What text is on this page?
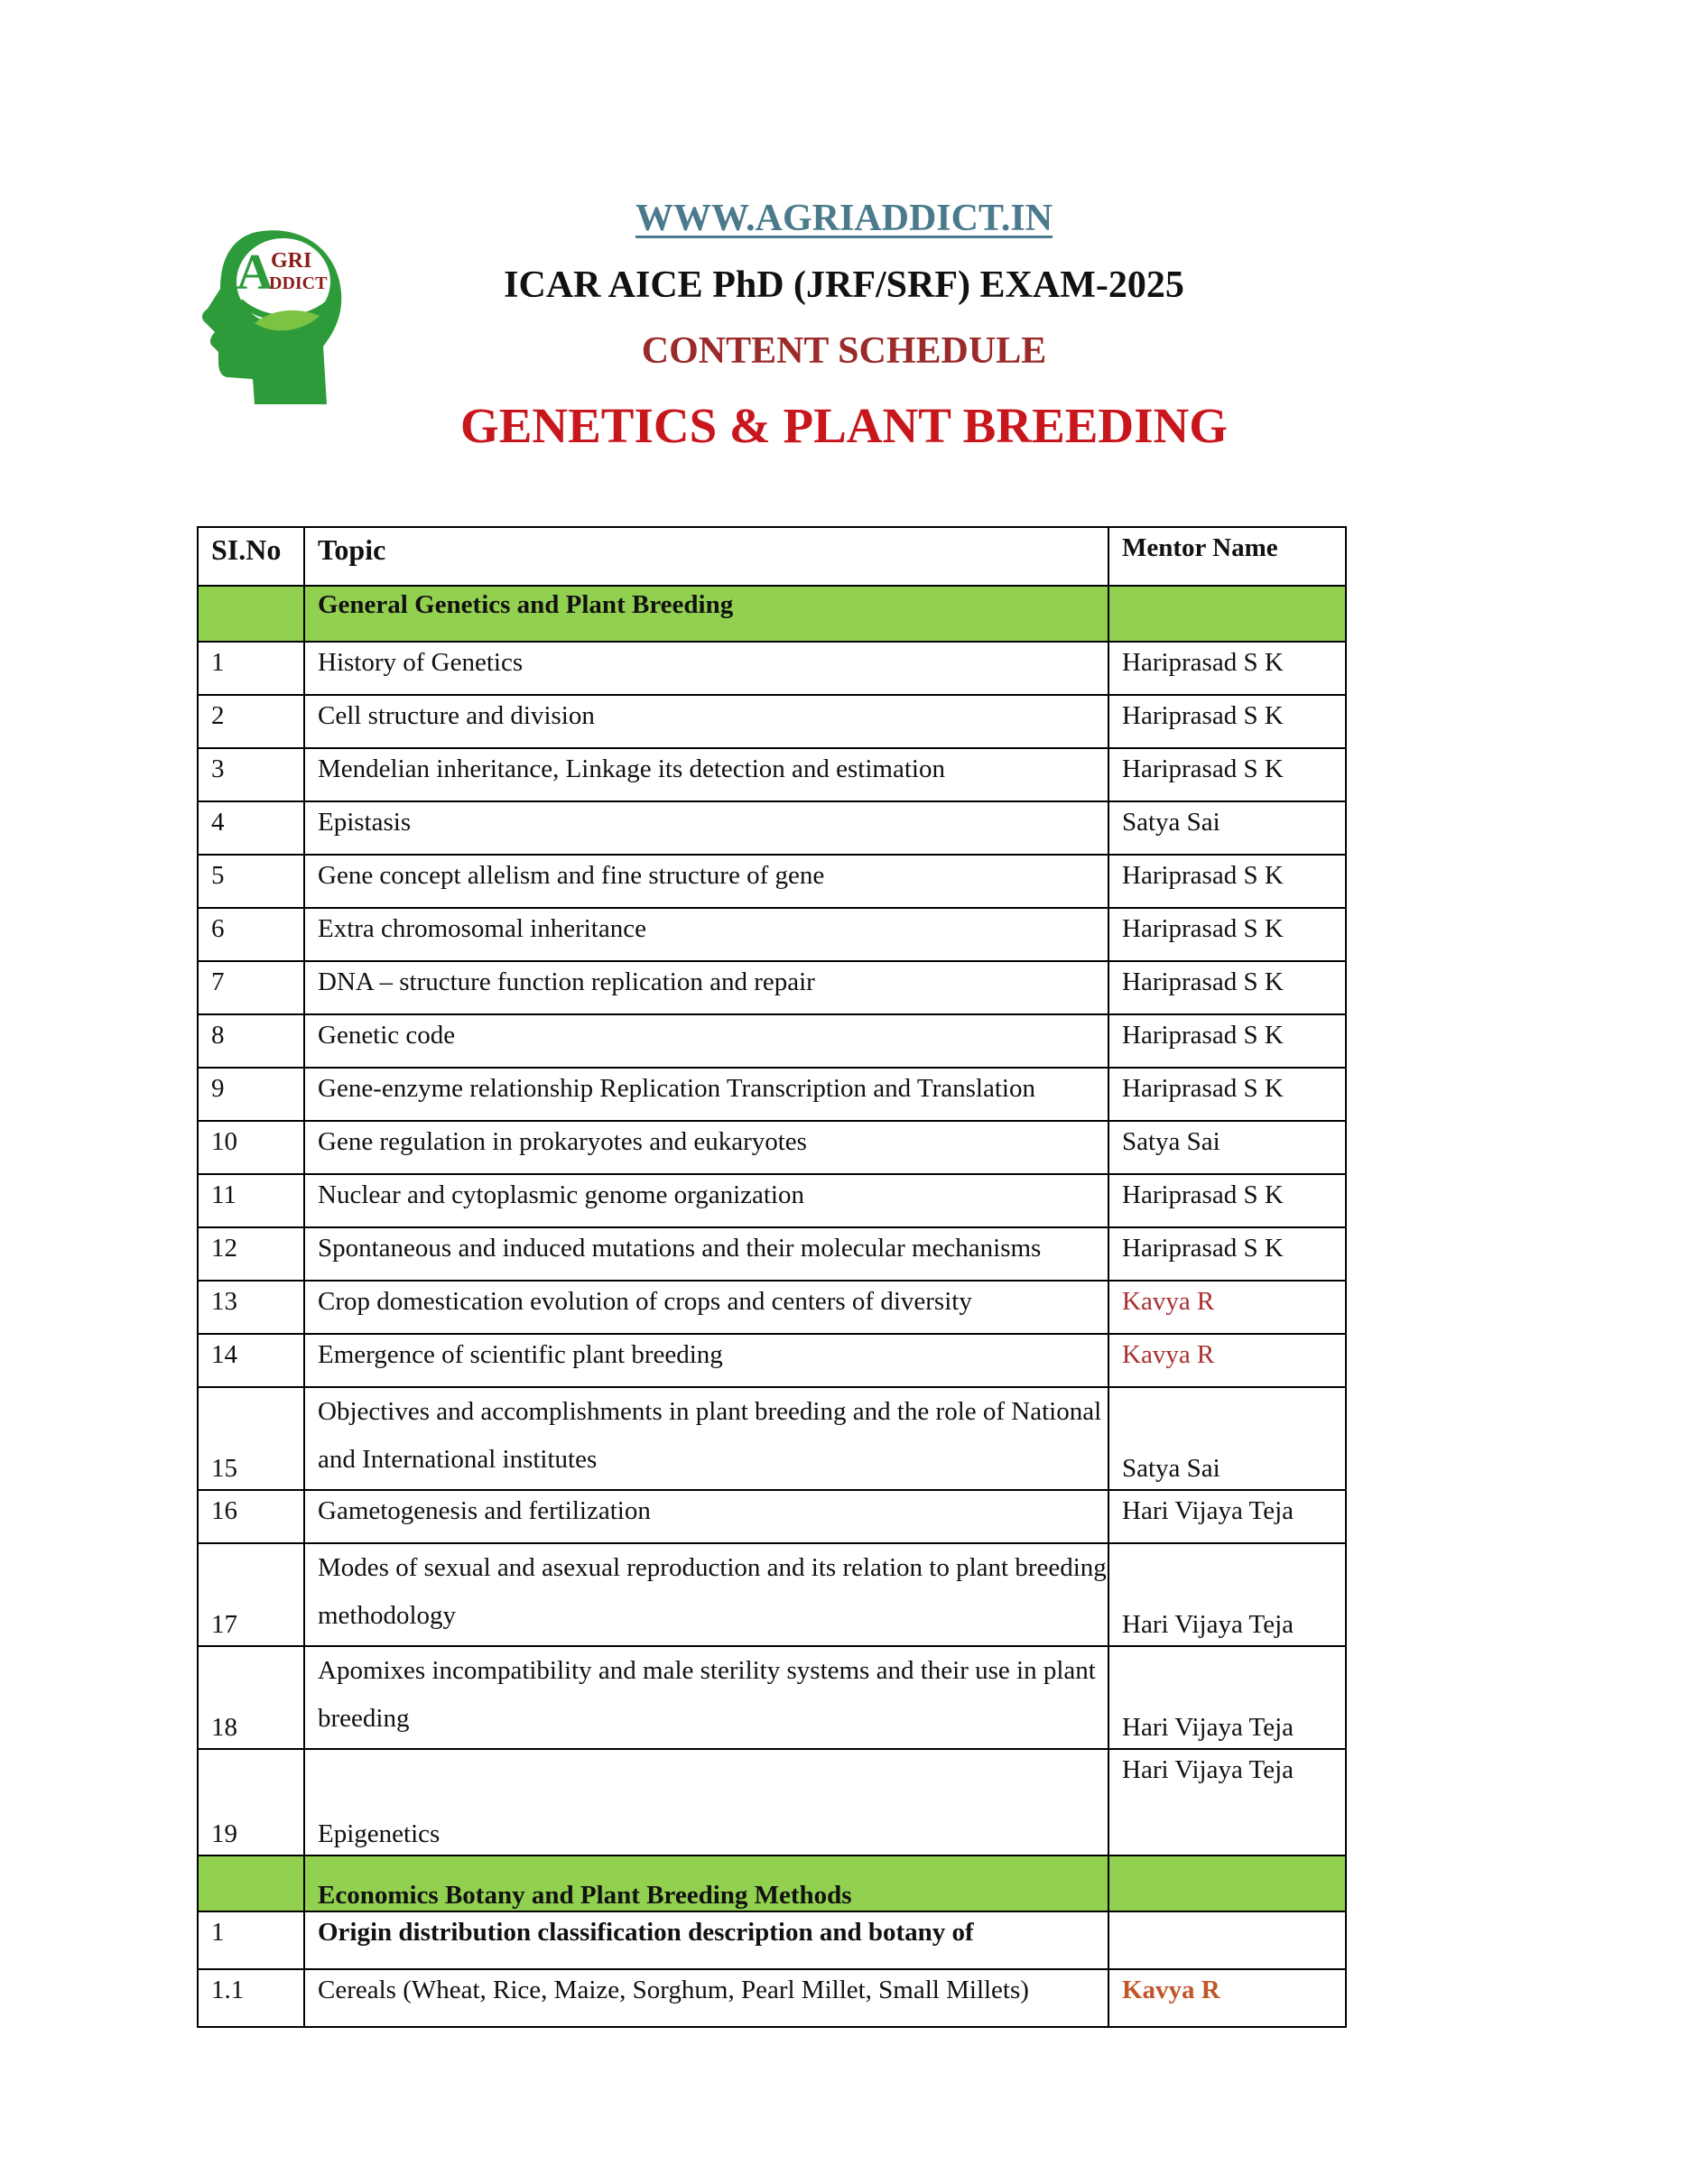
A
GRI
DDICT
WWW.AGRIADDICT.IN
ICAR AICE PhD (JRF/SRF) EXAM-2025
CONTENT SCHEDULE
GENETICS & PLANT BREEDING
SI.No	Topic	Mentor Name
	General Genetics and Plant Breeding	
1	History of Genetics	Hariprasad S K
2	Cell structure and division	Hariprasad S K
3	Mendelian inheritance, Linkage its detection and estimation	Hariprasad S K
4	Epistasis	Satya Sai
5	Gene concept allelism and fine structure of gene	Hariprasad S K
6	Extra chromosomal inheritance	Hariprasad S K
7	DNA – structure function replication and repair	Hariprasad S K
8	Genetic code	Hariprasad S K
9	Gene-enzyme relationship Replication Transcription and Translation	Hariprasad S K
10	Gene regulation in prokaryotes and eukaryotes	Satya Sai
11	Nuclear and cytoplasmic genome organization	Hariprasad S K
12	Spontaneous and induced mutations and their molecular mechanisms	Hariprasad S K
13	Crop domestication evolution of crops and centers of diversity	Kavya R
14	Emergence of scientific plant breeding	Kavya R
15	Objectives and accomplishments in plant breeding and the role of National and International institutes	Satya Sai
16	Gametogenesis and fertilization	Hari Vijaya Teja
17	Modes of sexual and asexual reproduction and its relation to plant breeding methodology	Hari Vijaya Teja
18	Apomixes incompatibility and male sterility systems and their use in plant breeding	Hari Vijaya Teja
19	Epigenetics	Hari Vijaya Teja
	Economics Botany and Plant Breeding Methods	
1	Origin distribution classification description and botany of	
1.1	Cereals (Wheat, Rice, Maize, Sorghum, Pearl Millet, Small Millets)	Kavya R
